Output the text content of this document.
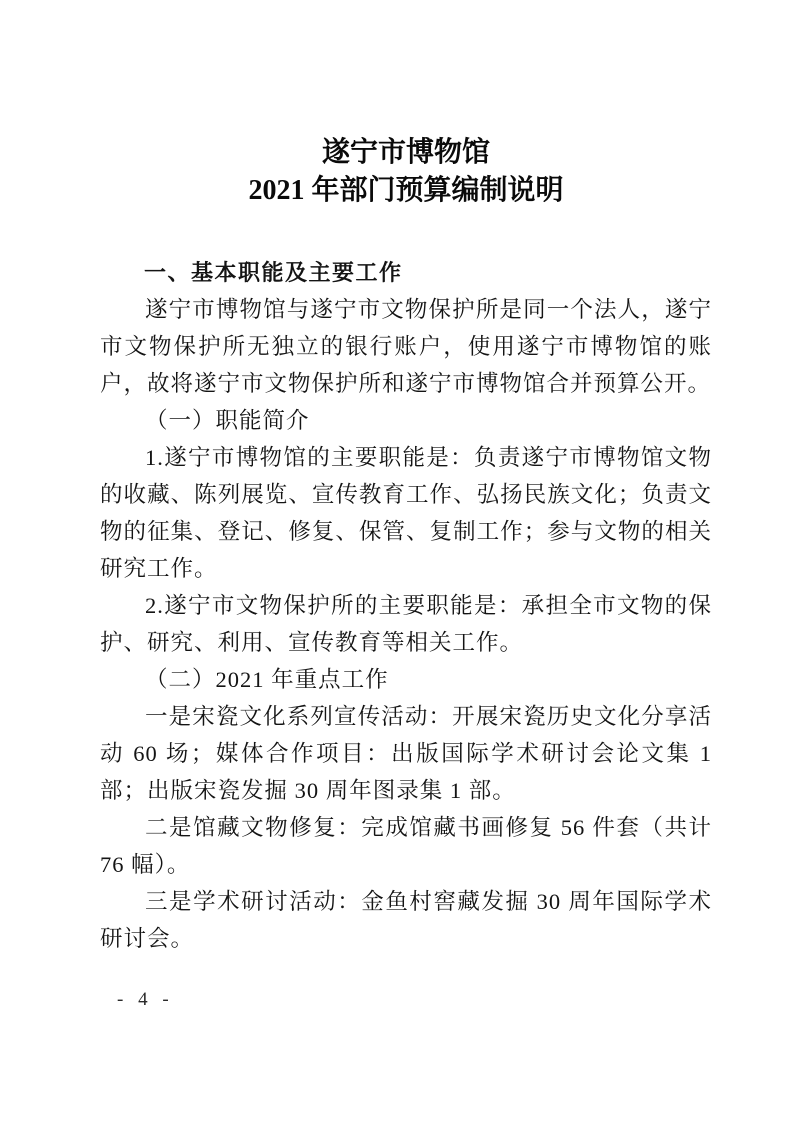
遂宁市博物馆
2021 年部门预算编制说明

一、基本职能及主要工作

遂宁市博物馆与遂宁市文物保护所是同一个法人，遂宁市文物保护所无独立的银行账户，使用遂宁市博物馆的账户，故将遂宁市文物保护所和遂宁市博物馆合并预算公开。

（一）职能简介

1.遂宁市博物馆的主要职能是：负责遂宁市博物馆文物的收藏、陈列展览、宣传教育工作、弘扬民族文化；负责文物的征集、登记、修复、保管、复制工作；参与文物的相关研究工作。

2.遂宁市文物保护所的主要职能是：承担全市文物的保护、研究、利用、宣传教育等相关工作。

（二）2021 年重点工作

一是宋瓷文化系列宣传活动：开展宋瓷历史文化分享活动 60 场；媒体合作项目：出版国际学术研讨会论文集 1 部；出版宋瓷发掘 30 周年图录集 1 部。

二是馆藏文物修复：完成馆藏书画修复 56 件套（共计 76 幅）。

三是学术研讨活动：金鱼村窖藏发掘 30 周年国际学术研讨会。

- 4 -
